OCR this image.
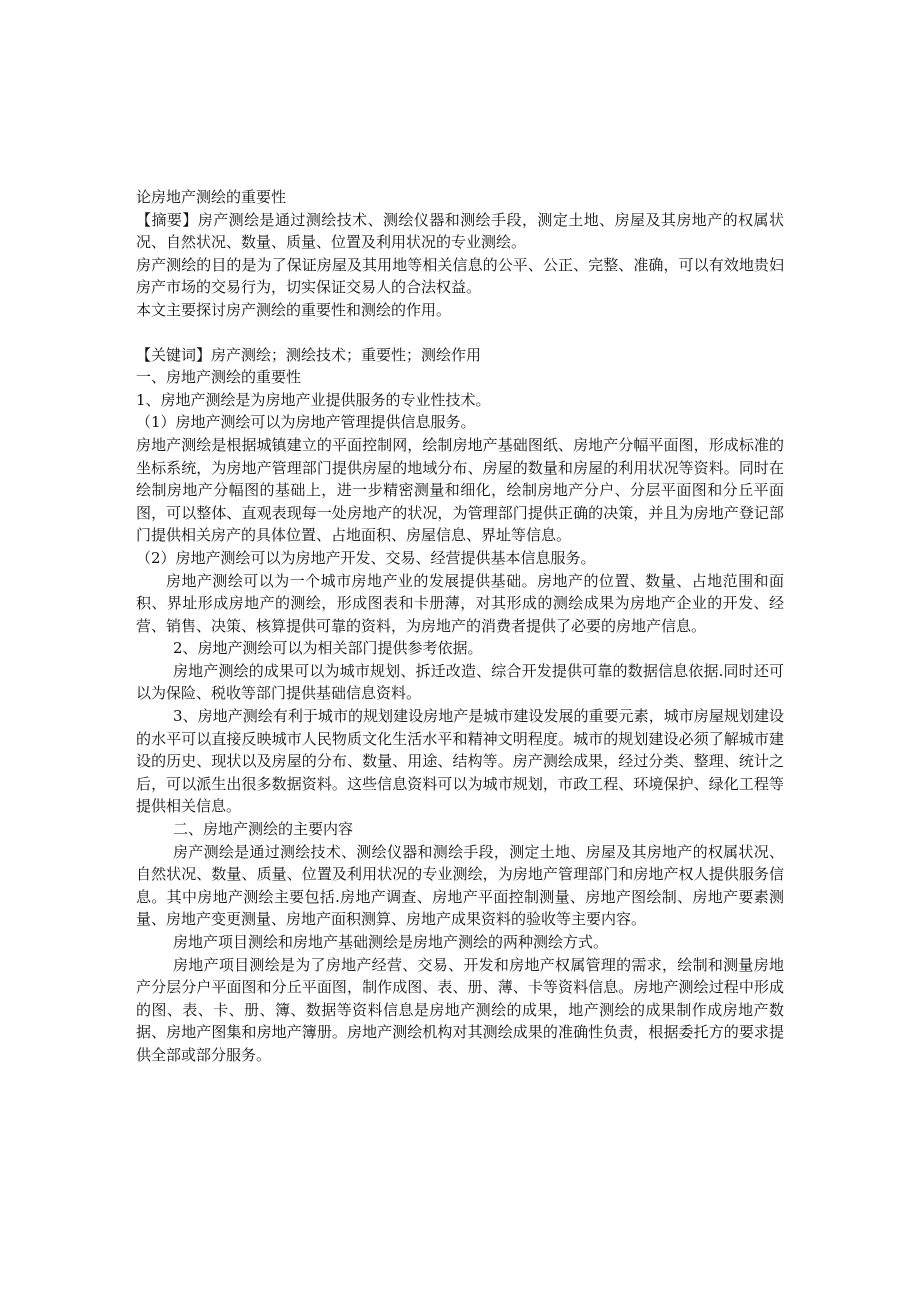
论房地产测绘的重要性

【摘要】房产测绘是通过测绘技术、测绘仪器和测绘手段，测定土地、房屋及其房地产的权属状况、自然状况、数量、质量、位置及利用状况的专业测绘。

房产测绘的目的是为了保证房屋及其用地等相关信息的公平、公正、完整、准确，可以有效地贵妇房产市场的交易行为，切实保证交易人的合法权益。

本文主要探讨房产测绘的重要性和测绘的作用。

【关键词】房产测绘；测绘技术；重要性；测绘作用

一、房地产测绘的重要性

1、房地产测绘是为房地产业提供服务的专业性技术。

（1）房地产测绘可以为房地产管理提供信息服务。

房地产测绘是根据城镇建立的平面控制网，绘制房地产基础图纸、房地产分幅平面图，形成标准的坐标系统，为房地产管理部门提供房屋的地域分布、房屋的数量和房屋的利用状况等资料。同时在绘制房地产分幅图的基础上，进一步精密测量和细化，绘制房地产分户、分层平面图和分丘平面图，可以整体、直观表现每一处房地产的状况，为管理部门提供正确的决策，并且为房地产登记部门提供相关房产的具体位置、占地面积、房屋信息、界址等信息。

（2）房地产测绘可以为房地产开发、交易、经营提供基本信息服务。

房地产测绘可以为一个城市房地产业的发展提供基础。房地产的位置、数量、占地范围和面积、界址形成房地产的测绘，形成图表和卡册薄，对其形成的测绘成果为房地产企业的开发、经营、销售、决策、核算提供可靠的资料，为房地产的消费者提供了必要的房地产信息。

2、房地产测绘可以为相关部门提供参考依据。

房地产测绘的成果可以为城市规划、拆迁改造、综合开发提供可靠的数据信息依据.同时还可以为保险、税收等部门提供基础信息资料。

3、房地产测绘有利于城市的规划建设房地产是城市建设发展的重要元素，城市房屋规划建设的水平可以直接反映城市人民物质文化生活水平和精神文明程度。城市的规划建设必须了解城市建设的历史、现状以及房屋的分布、数量、用途、结构等。房产测绘成果，经过分类、整理、统计之后，可以派生出很多数据资料。这些信息资料可以为城市规划，市政工程、环境保护、绿化工程等提供相关信息。

二、房地产测绘的主要内容

房产测绘是通过测绘技术、测绘仪器和测绘手段，测定土地、房屋及其房地产的权属状况、自然状况、数量、质量、位置及利用状况的专业测绘，为房地产管理部门和房地产权人提供服务信息。其中房地产测绘主要包括.房地产调查、房地产平面控制测量、房地产图绘制、房地产要素测量、房地产变更测量、房地产面积测算、房地产成果资料的验收等主要内容。

房地产项目测绘和房地产基础测绘是房地产测绘的两种测绘方式。

房地产项目测绘是为了房地产经营、交易、开发和房地产权属管理的需求，绘制和测量房地产分层分户平面图和分丘平面图，制作成图、表、册、薄、卡等资料信息。房地产测绘过程中形成的图、表、卡、册、簿、数据等资料信息是房地产测绘的成果，地产测绘的成果制作成房地产数据、房地产图集和房地产簿册。房地产测绘机构对其测绘成果的准确性负责，根据委托方的要求提供全部或部分服务。
